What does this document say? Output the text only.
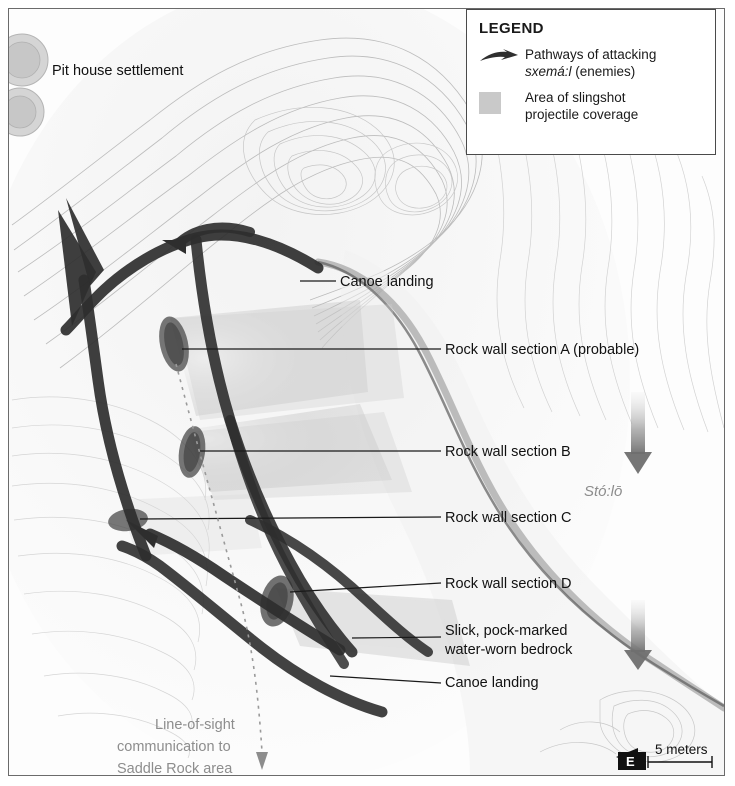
LEGEND
Pathways of attacking
sxemá:l (enemies)
Area of slingshot
projectile coverage
Pit house settlement
Canoe landing
Rock wall section A (probable)
Rock wall section B
Rock wall section C
Rock wall section D
Slick, pock-marked
water-worn bedrock
Canoe landing
Stó:lō
Line-of-sight
communication to
Saddle Rock area
5 meters
E
